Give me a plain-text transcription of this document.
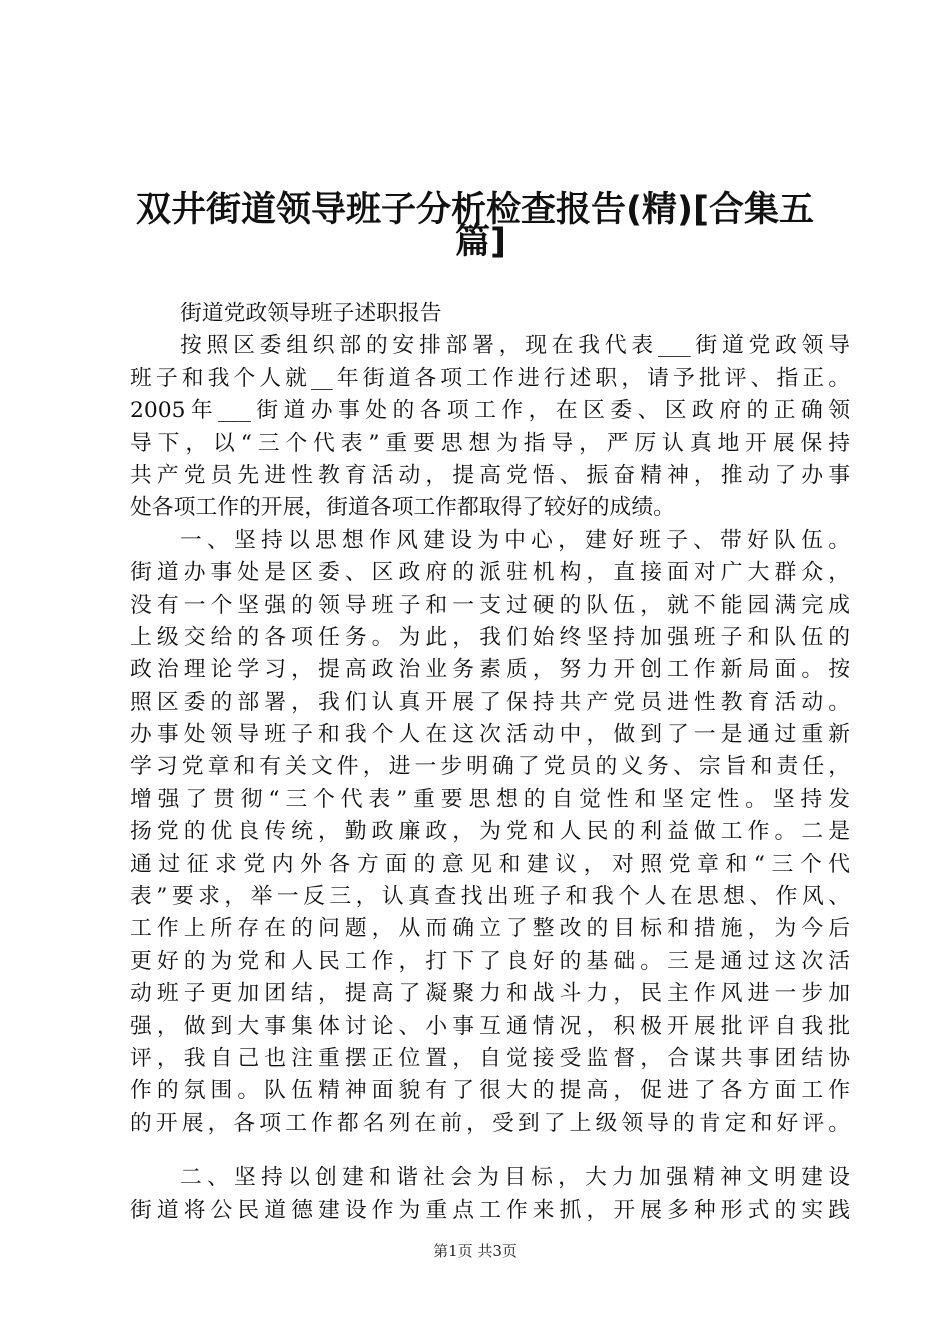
双井街道领导班子分析检查报告(精)[合集五
篇]
街道党政领导班子述职报告
按照区委组织部的安排部署，现在我代表___街道党政领导
班子和我个人就__年街道各项工作进行述职，请予批评、指正。
2005年___街道办事处的各项工作，在区委、区政府的正确领
导下，以“三个代表”重要思想为指导，严厉认真地开展保持
共产党员先进性教育活动，提高党悟、振奋精神，推动了办事
处各项工作的开展，街道各项工作都取得了较好的成绩。
一、坚持以思想作风建设为中心，建好班子、带好队伍。
街道办事处是区委、区政府的派驻机构，直接面对广大群众，
没有一个坚强的领导班子和一支过硬的队伍，就不能园满完成
上级交给的各项任务。为此，我们始终坚持加强班子和队伍的
政治理论学习，提高政治业务素质，努力开创工作新局面。按
照区委的部署，我们认真开展了保持共产党员进性教育活动。
办事处领导班子和我个人在这次活动中，做到了一是通过重新
学习党章和有关文件，进一步明确了党员的义务、宗旨和责任，
增强了贯彻“三个代表”重要思想的自觉性和坚定性。坚持发
扬党的优良传统，勤政廉政，为党和人民的利益做工作。二是
通过征求党内外各方面的意见和建议，对照党章和“三个代
表”要求，举一反三，认真查找出班子和我个人在思想、作风、
工作上所存在的问题，从而确立了整改的目标和措施，为今后
更好的为党和人民工作，打下了良好的基础。三是通过这次活
动班子更加团结，提高了凝聚力和战斗力，民主作风进一步加
强，做到大事集体讨论、小事互通情况，积极开展批评自我批
评，我自己也注重摆正位置，自觉接受监督，合谋共事团结协
作的氛围。队伍精神面貌有了很大的提高，促进了各方面工作
的开展，各项工作都名列在前，受到了上级领导的肯定和好评。
二、坚持以创建和谐社会为目标，大力加强精神文明建设
街道将公民道德建设作为重点工作来抓，开展多种形式的实践
第1页 共3页
